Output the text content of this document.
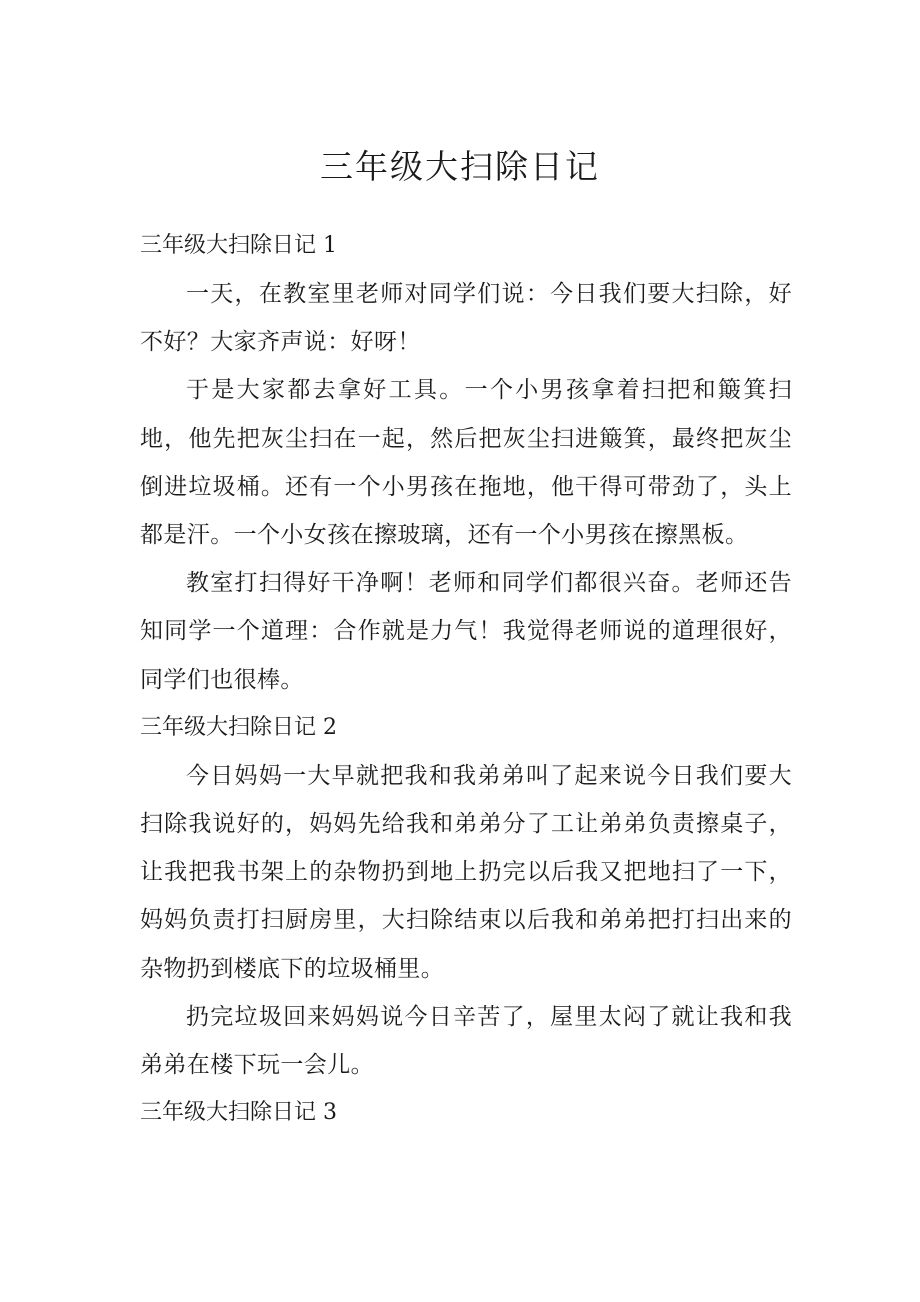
三年级大扫除日记
三年级大扫除日记 1

一天，在教室里老师对同学们说：今日我们要大扫除，好不好？大家齐声说：好呀！

于是大家都去拿好工具。一个小男孩拿着扫把和簸箕扫地，他先把灰尘扫在一起，然后把灰尘扫进簸箕，最终把灰尘倒进垃圾桶。还有一个小男孩在拖地，他干得可带劲了，头上都是汗。一个小女孩在擦玻璃，还有一个小男孩在擦黑板。

教室打扫得好干净啊！老师和同学们都很兴奋。老师还告知同学一个道理：合作就是力气！我觉得老师说的道理很好，同学们也很棒。

三年级大扫除日记 2

今日妈妈一大早就把我和我弟弟叫了起来说今日我们要大扫除我说好的，妈妈先给我和弟弟分了工让弟弟负责擦桌子，让我把我书架上的杂物扔到地上扔完以后我又把地扫了一下，妈妈负责打扫厨房里，大扫除结束以后我和弟弟把打扫出来的杂物扔到楼底下的垃圾桶里。

扔完垃圾回来妈妈说今日辛苦了，屋里太闷了就让我和我弟弟在楼下玩一会儿。

三年级大扫除日记 3
